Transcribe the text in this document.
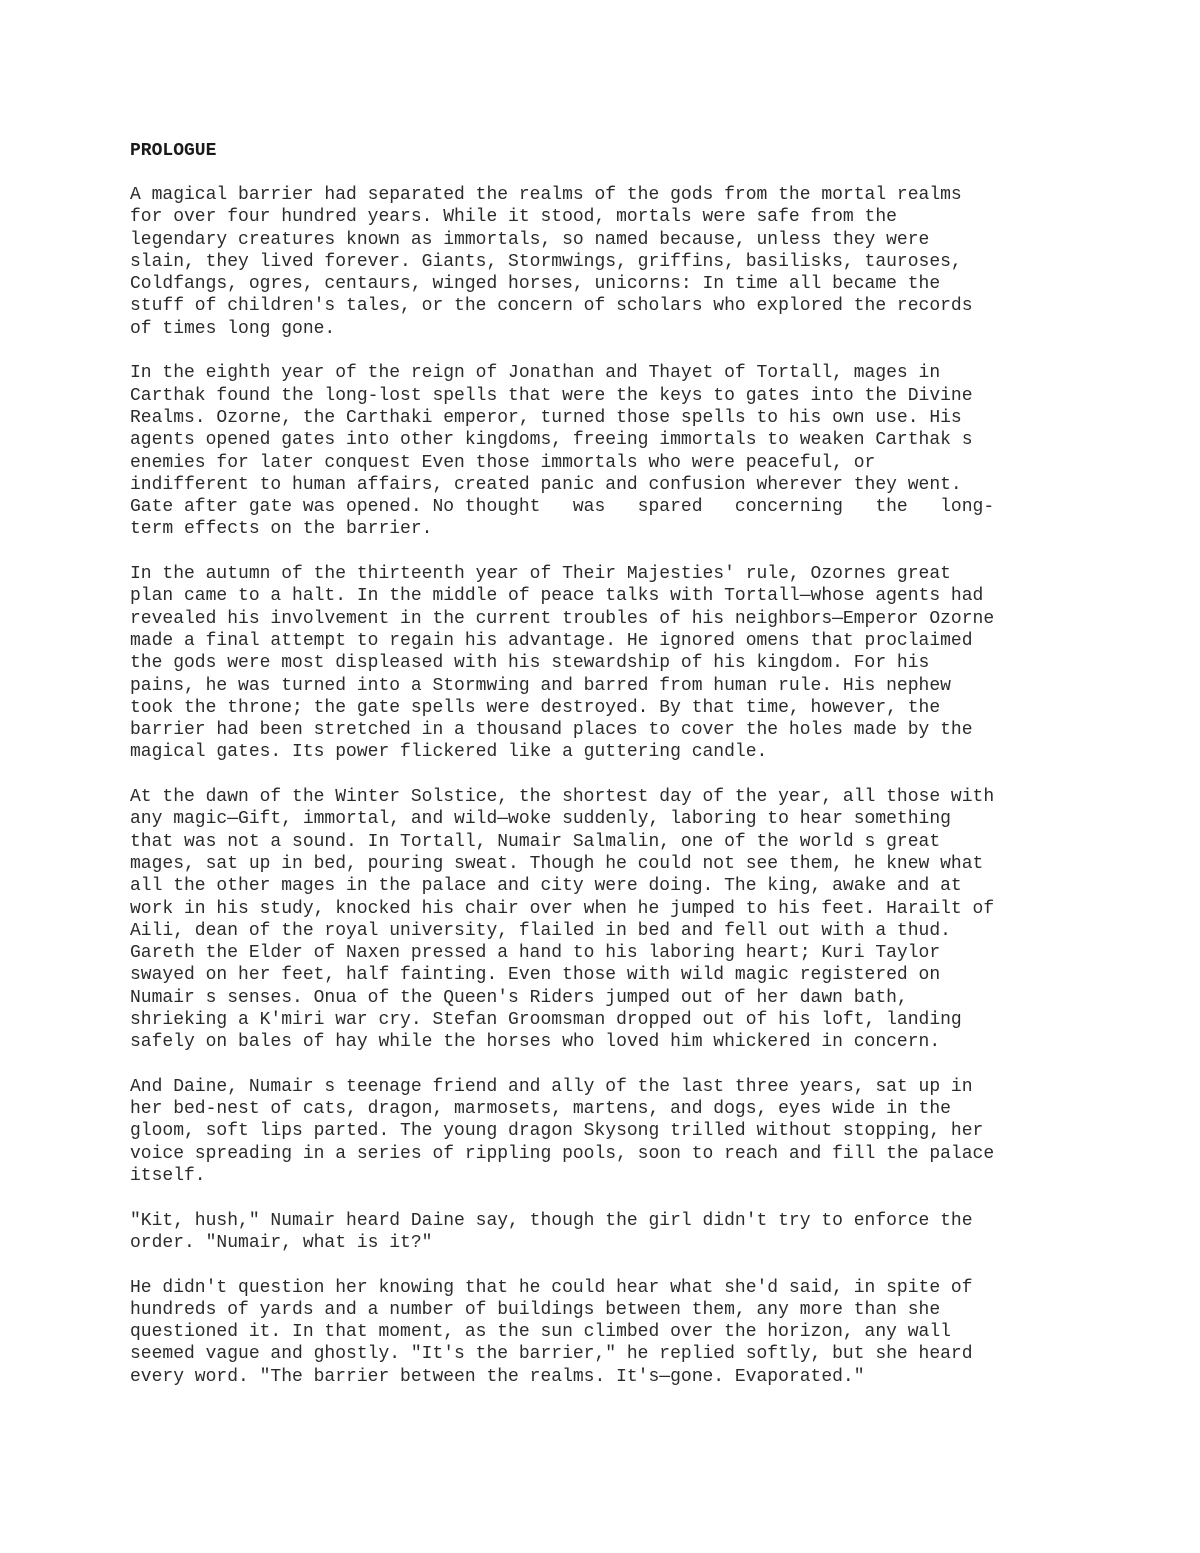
PROLOGUE

A magical barrier had separated the realms of the gods from the mortal realms
for over four hundred years. While it stood, mortals were safe from the
legendary creatures known as immortals, so named because, unless they were
slain, they lived forever. Giants, Stormwings, griffins, basilisks, tauroses,
Coldfangs, ogres, centaurs, winged horses, unicorns: In time all became the
stuff of children's tales, or the concern of scholars who explored the records
of times long gone.

In the eighth year of the reign of Jonathan and Thayet of Tortall, mages in
Carthak found the long-lost spells that were the keys to gates into the Divine
Realms. Ozorne, the Carthaki emperor, turned those spells to his own use. His
agents opened gates into other kingdoms, freeing immortals to weaken Carthak s
enemies for later conquest Even those immortals who were peaceful, or
indifferent to human affairs, created panic and confusion wherever they went.
Gate after gate was opened. No thought   was   spared   concerning   the   long-
term effects on the barrier.

In the autumn of the thirteenth year of Their Majesties' rule, Ozornes great
plan came to a halt. In the middle of peace talks with Tortall—whose agents had
revealed his involvement in the current troubles of his neighbors—Emperor Ozorne
made a final attempt to regain his advantage. He ignored omens that proclaimed
the gods were most displeased with his stewardship of his kingdom. For his
pains, he was turned into a Stormwing and barred from human rule. His nephew
took the throne; the gate spells were destroyed. By that time, however, the
barrier had been stretched in a thousand places to cover the holes made by the
magical gates. Its power flickered like a guttering candle.

At the dawn of the Winter Solstice, the shortest day of the year, all those with
any magic—Gift, immortal, and wild—woke suddenly, laboring to hear something
that was not a sound. In Tortall, Numair Salmalin, one of the world s great
mages, sat up in bed, pouring sweat. Though he could not see them, he knew what
all the other mages in the palace and city were doing. The king, awake and at
work in his study, knocked his chair over when he jumped to his feet. Harailt of
Aili, dean of the royal university, flailed in bed and fell out with a thud.
Gareth the Elder of Naxen pressed a hand to his laboring heart; Kuri Taylor
swayed on her feet, half fainting. Even those with wild magic registered on
Numair s senses. Onua of the Queen's Riders jumped out of her dawn bath,
shrieking a K'miri war cry. Stefan Groomsman dropped out of his loft, landing
safely on bales of hay while the horses who loved him whickered in concern.

And Daine, Numair s teenage friend and ally of the last three years, sat up in
her bed-nest of cats, dragon, marmosets, martens, and dogs, eyes wide in the
gloom, soft lips parted. The young dragon Skysong trilled without stopping, her
voice spreading in a series of rippling pools, soon to reach and fill the palace
itself.

"Kit, hush," Numair heard Daine say, though the girl didn't try to enforce the
order. "Numair, what is it?"

He didn't question her knowing that he could hear what she'd said, in spite of
hundreds of yards and a number of buildings between them, any more than she
questioned it. In that moment, as the sun climbed over the horizon, any wall
seemed vague and ghostly. "It's the barrier," he replied softly, but she heard
every word. "The barrier between the realms. It's—gone. Evaporated."
